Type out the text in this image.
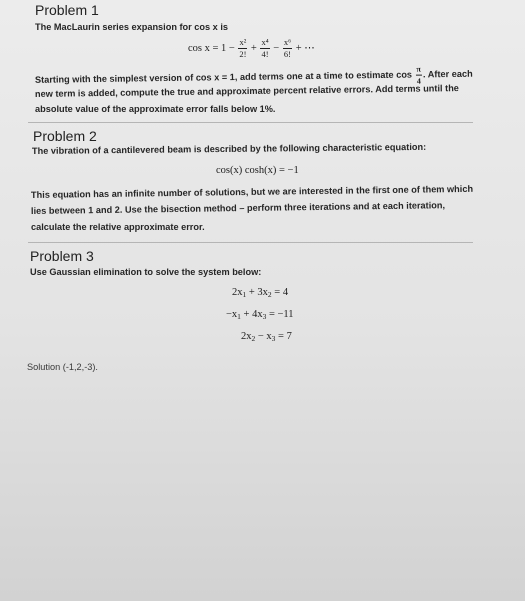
Problem 1
The MacLaurin series expansion for cos x is
$\cos x = 1 - \frac{\text{x²}}{2!} + \frac{\text{x⁴}}{4!} - \frac{\text{x⁶}}{6!}$ + ⋯
Starting with the simplest version of cos x = 1, add terms one at a time to estimate $\cos \frac{\pi}{4}$ . After each
new term is added, compute the true and approximate percent relative errors. Add terms until the
absolute value of the approximate error falls below 1%.
Problem 2
The vibration of a cantilevered beam is described by the following characteristic equation:
cos(x) cosh(x) = −1
This equation has an infinite number of solutions, but we are interested in the first one of them which
lies between 1 and 2. Use the bisection method – perform three iterations and at each iteration,
calculate the relative approximate error.
Problem 3
Use Gaussian elimination to solve the system below:
$2x_1 + 3x_2 = 4$
$-x_1 + 4x_3 = -11$
$2x_2 - x_3 = 7$
Solution (-1,2,-3).
